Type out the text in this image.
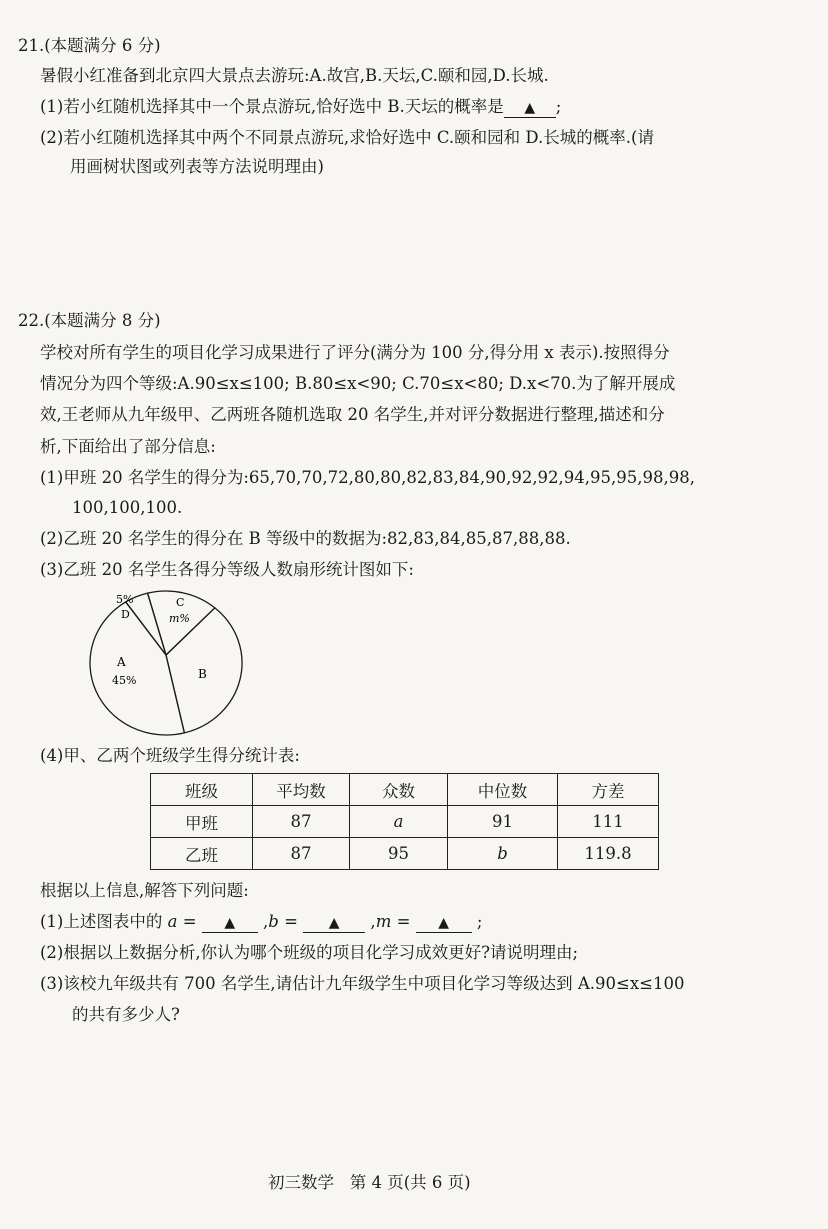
21.(本题满分 6 分)
暑假小红准备到北京四大景点去游玩:A.故宫,B.天坛,C.颐和园,D.长城.
(1)若小红随机选择其中一个景点游玩,恰好选中 B.天坛的概率是 ▲ ;
(2)若小红随机选择其中两个不同景点游玩,求恰好选中 C.颐和园和 D.长城的概率.(请
用画树状图或列表等方法说明理由)
22.(本题满分 8 分)
学校对所有学生的项目化学习成果进行了评分(满分为 100 分,得分用 x 表示).按照得分
情况分为四个等级:A.90≤x≤100; B.80≤x<90; C.70≤x<80; D.x<70.为了解开展成
效,王老师从九年级甲、乙两班各随机选取 20 名学生,并对评分数据进行整理,描述和分
析,下面给出了部分信息:
(1)甲班 20 名学生的得分为:65,70,70,72,80,80,82,83,84,90,92,92,94,95,95,98,98,
100,100,100.
(2)乙班 20 名学生的得分在 B 等级中的数据为:82,83,84,85,87,88,88.
(3)乙班 20 名学生各得分等级人数扇形统计图如下:
5%
D
C
m%
A
45%	B
(4)甲、乙两个班级学生得分统计表:
班级	平均数	众数	中位数	方差
甲班	87	a	91	111
乙班	87	95	b	119.8
根据以上信息,解答下列问题:
(1)上述图表中的 a = ▲ ,b = ▲ ,m = ▲ ;
(2)根据以上数据分析,你认为哪个班级的项目化学习成效更好?请说明理由;
(3)该校九年级共有 700 名学生,请估计九年级学生中项目化学习等级达到 A.90≤x≤100
的共有多少人?
初三数学   第 4 页(共 6 页)
